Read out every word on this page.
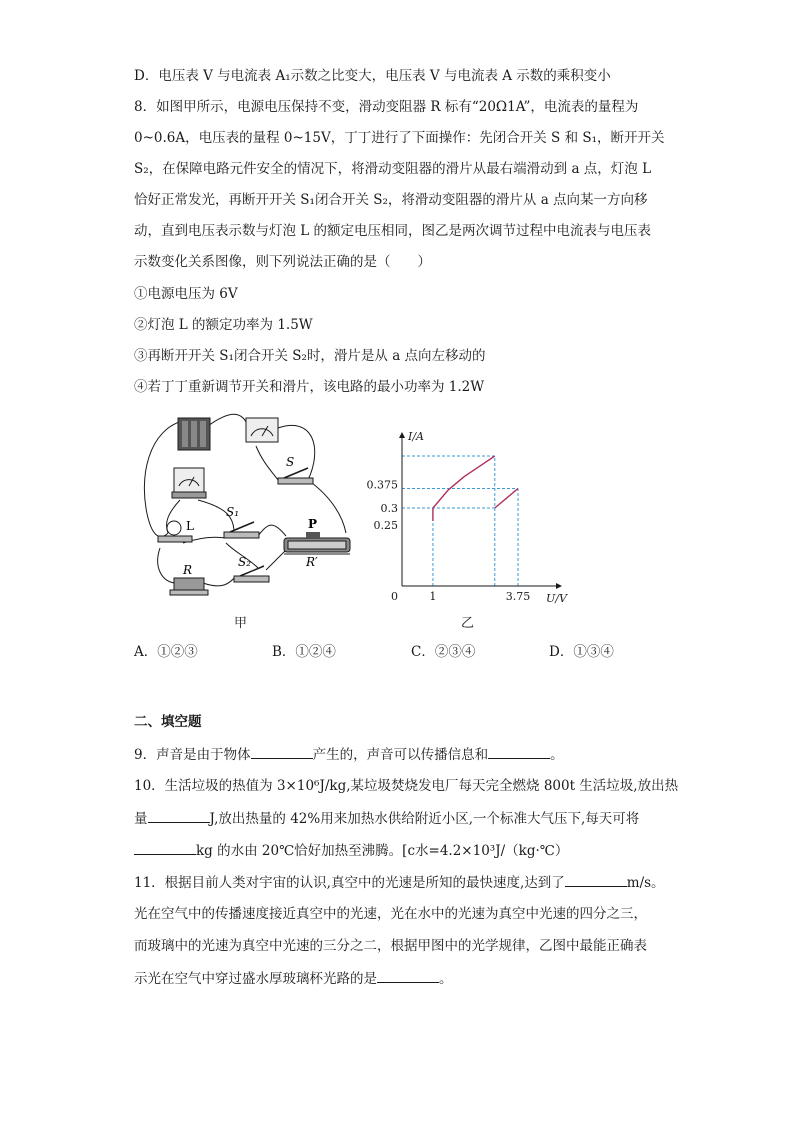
D．电压表 V 与电流表 A₁示数之比变大，电压表 V 与电流表 A 示数的乘积变小
8．如图甲所示，电源电压保持不变，滑动变阻器 R 标有“20Ω1A”，电流表的量程为
0~0.6A，电压表的量程 0~15V，丁丁进行了下面操作：先闭合开关 S 和 S₁，断开开关
S₂，在保障电路元件安全的情况下，将滑动变阻器的滑片从最右端滑动到 a 点，灯泡 L
恰好正常发光，再断开开关 S₁闭合开关 S₂，将滑动变阻器的滑片从 a 点向某一方向移
动，直到电压表示数与灯泡 L 的额定电压相同，图乙是两次调节过程中电流表与电压表
示数变化关系图像，则下列说法正确的是（　　）
①电源电压为 6V
②灯泡 L 的额定功率为 1.5W
③再断开开关 S₁闭合开关 S₂时，滑片是从 a 点向左移动的
④若丁丁重新调节开关和滑片，该电路的最小功率为 1.2W
S
L
S₁
P
R′
R
S₂
甲
I/A
U/V
0	1	3.75
0.25
0.3
0.375
乙
A．①②③	B．①②④	C．②③④	D．①③④
二、填空题
9．声音是由于物体	产生的，声音可以传播信息和	。
10．生活垃圾的热值为 3×10⁶J/kg,某垃圾焚烧发电厂每天完全燃烧 800t 生活垃圾,放出热
量	J,放出热量的 42%用来加热水供给附近小区,一个标准大气压下,每天可将
kg 的水由 20℃恰好加热至沸腾。[c水=4.2×10³J/（kg·℃）
11．根据目前人类对宇宙的认识,真空中的光速是所知的最快速度,达到了	m/s。
光在空气中的传播速度接近真空中的光速，光在水中的光速为真空中光速的四分之三，
而玻璃中的光速为真空中光速的三分之二，根据甲图中的光学规律，乙图中最能正确表
示光在空气中穿过盛水厚玻璃杯光路的是	。
